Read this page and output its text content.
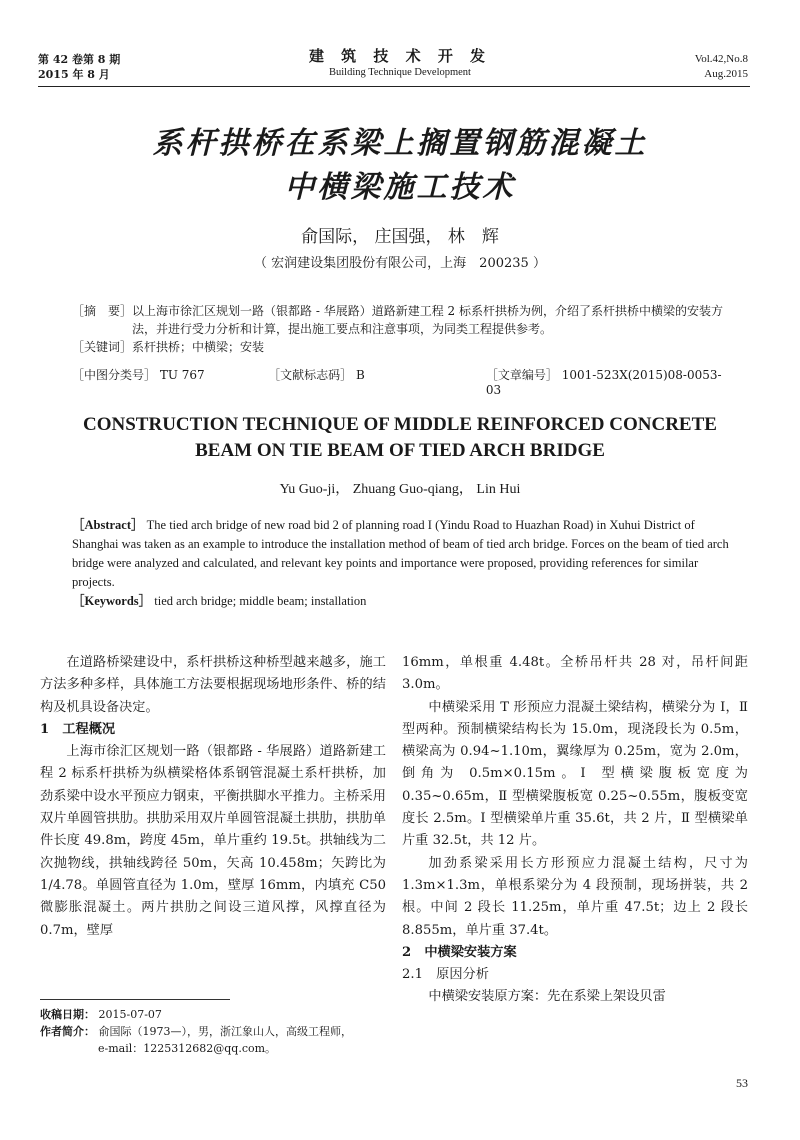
第 42 卷第 8 期
2015 年 8 月
建 筑 技 术 开 发
Building Technique Development
Vol.42,No.8
Aug.2015
系杆拱桥在系梁上搁置钢筋混凝土
中横梁施工技术
俞国际， 庄国强， 林　辉
（ 宏润建设集团股份有限公司，上海　200235 ）
［摘　要］ 以上海市徐汇区规划一路（银都路 - 华展路）道路新建工程 2 标系杆拱桥为例，介绍了系杆拱桥中横梁的安装方法，并进行受力分析和计算，提出施工要点和注意事项，为同类工程提供参考。
［关键词］ 系杆拱桥；中横梁；安装
［中图分类号］ TU 767	［文献标志码］ B	［文章编号］ 1001-523X(2015)08-0053-03
CONSTRUCTION TECHNIQUE OF MIDDLE REINFORCED CONCRETE
BEAM ON TIE BEAM OF TIED ARCH BRIDGE
Yu Guo-ji， Zhuang Guo-qiang， Lin Hui
［Abstract］ The tied arch bridge of new road bid 2 of planning road I (Yindu Road to Huazhan Road) in Xuhui District of Shanghai was taken as an example to introduce the installation method of beam of tied arch bridge. Forces on the beam of tied arch bridge were analyzed and calculated, and relevant key points and importance were proposed, providing references for similar projects.
［Keywords］ tied arch bridge; middle beam; installation

在道路桥梁建设中，系杆拱桥这种桥型越来越多，施工方法多种多样，具体施工方法要根据现场地形条件、桥的结构及机具设备决定。

1　工程概况

上海市徐汇区规划一路（银都路 - 华展路）道路新建工程 2 标系杆拱桥为纵横梁格体系钢管混凝土系杆拱桥，加劲系梁中设水平预应力钢束，平衡拱脚水平推力。主桥采用双片单圆管拱肋。拱肋采用双片单圆管混凝土拱肋，拱肋单件长度 49.8m，跨度 45m，单片重约 19.5t。拱轴线为二次抛物线，拱轴线跨径 50m，矢高 10.458m；矢跨比为 1/4.78。单圆管直径为 1.0m，壁厚 16mm，内填充 C50 微膨胀混凝土。两片拱肋之间设三道风撑，风撑直径为 0.7m，壁厚

16mm，单根重 4.48t。全桥吊杆共 28 对，吊杆间距 3.0m。

中横梁采用 T 形预应力混凝土梁结构，横梁分为 Ⅰ，Ⅱ 型两种。预制横梁结构长为 15.0m，现浇段长为 0.5m，横梁高为 0.94~1.10m，翼缘厚为 0.25m，宽为 2.0m，倒角为 0.5m×0.15m。Ⅰ 型横梁腹板宽度为 0.35~0.65m，Ⅱ 型横梁腹板宽 0.25~0.55m，腹板变宽度长 2.5m。Ⅰ 型横梁单片重 35.6t，共 2 片，Ⅱ 型横梁单片重 32.5t，共 12 片。

加劲系梁采用长方形预应力混凝土结构，尺寸为 1.3m×1.3m，单根系梁分为 4 段预制，现场拼装，共 2 根。中间 2 段长 11.25m，单片重 47.5t；边上 2 段长 8.855m，单片重 37.4t。

2　中横梁安装方案

2.1　原因分析

中横梁安装原方案：先在系梁上架设贝雷

收稿日期： 2015-07-07
作者简介： 俞国际（1973—），男，浙江象山人，高级工程师，
e-mail：1225312682@qq.com。
53
